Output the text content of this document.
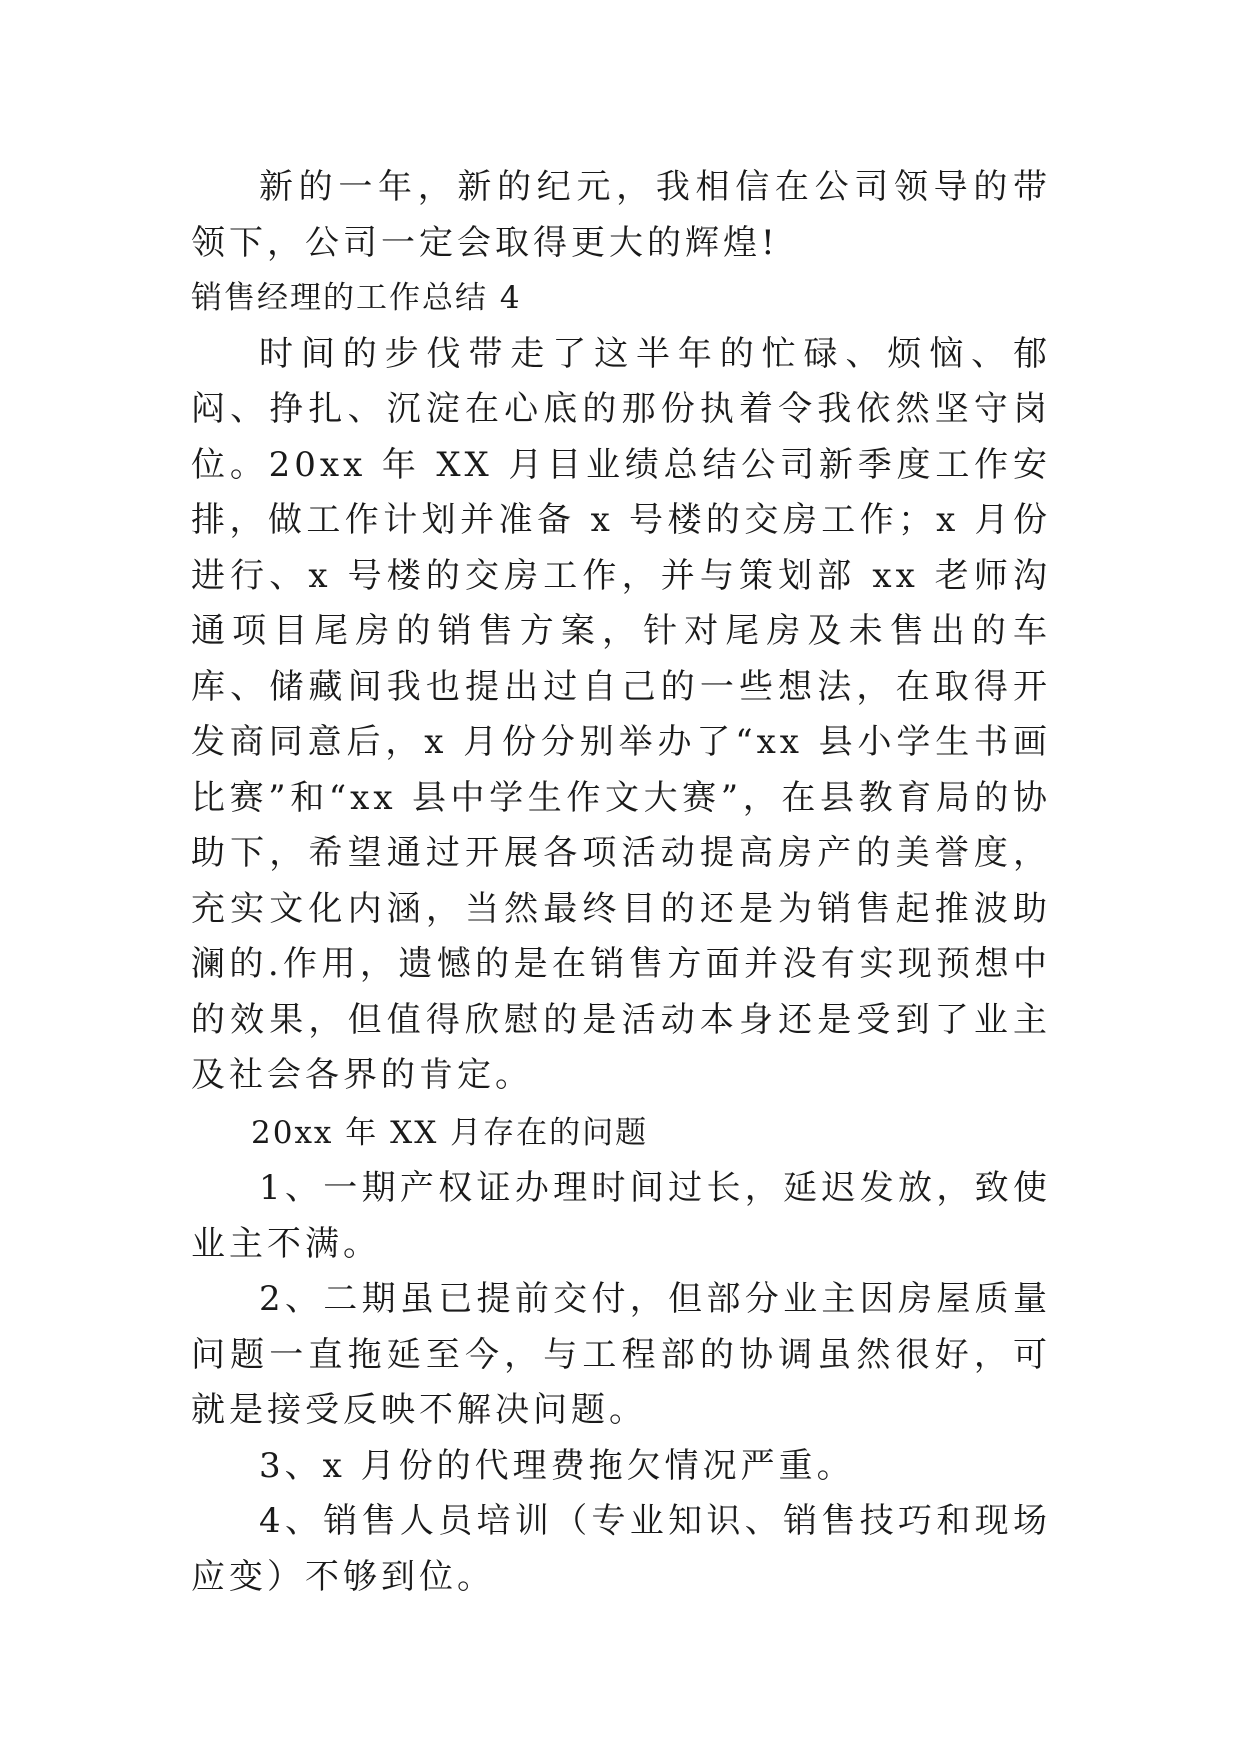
新的一年，新的纪元，我相信在公司领导的带领下，公司一定会取得更大的辉煌!

销售经理的工作总结 4

时间的步伐带走了这半年的忙碌、烦恼、郁闷、挣扎、沉淀在心底的那份执着令我依然坚守岗位。20xx 年 XX 月目业绩总结公司新季度工作安排，做工作计划并准备 x 号楼的交房工作；x 月份进行、x 号楼的交房工作，并与策划部 xx 老师沟通项目尾房的销售方案，针对尾房及未售出的车库、储藏间我也提出过自己的一些想法，在取得开发商同意后，x 月份分别举办了“xx 县小学生书画比赛”和“xx 县中学生作文大赛”，在县教育局的协助下，希望通过开展各项活动提高房产的美誉度，充实文化内涵，当然最终目的还是为销售起推波助澜的.作用，遗憾的是在销售方面并没有实现预想中的效果，但值得欣慰的是活动本身还是受到了业主及社会各界的肯定。

20xx 年 XX 月存在的问题

1、一期产权证办理时间过长，延迟发放，致使业主不满。

2、二期虽已提前交付，但部分业主因房屋质量问题一直拖延至今，与工程部的协调虽然很好，可就是接受反映不解决问题。

3、x 月份的代理费拖欠情况严重。

4、销售人员培训（专业知识、销售技巧和现场应变）不够到位。
